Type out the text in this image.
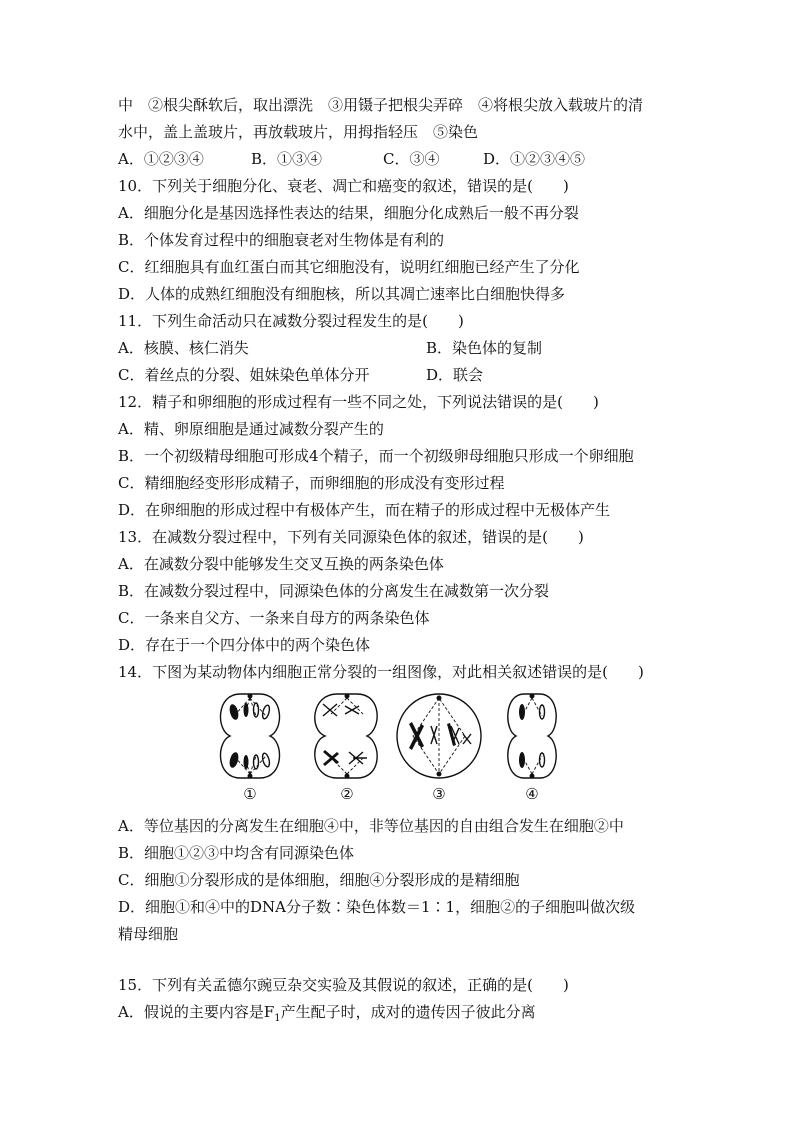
中　②根尖酥软后，取出漂洗　③用镊子把根尖弄碎　④将根尖放入载玻片的清
水中，盖上盖玻片，再放载玻片，用拇指轻压　⑤染色
A．①②③④	B．①③④	C．③④	D．①②③④⑤
10．下列关于细胞分化、衰老、凋亡和癌变的叙述，错误的是(　　)
A．细胞分化是基因选择性表达的结果，细胞分化成熟后一般不再分裂
B．个体发育过程中的细胞衰老对生物体是有利的
C．红细胞具有血红蛋白而其它细胞没有，说明红细胞已经产生了分化
D．人体的成熟红细胞没有细胞核，所以其凋亡速率比白细胞快得多
11．下列生命活动只在减数分裂过程发生的是(　　)
A．核膜、核仁消失	B．染色体的复制
C．着丝点的分裂、姐妹染色单体分开	D．联会
12．精子和卵细胞的形成过程有一些不同之处，下列说法错误的是(　　)
A．精、卵原细胞是通过减数分裂产生的
B．一个初级精母细胞可形成4个精子，而一个初级卵母细胞只形成一个卵细胞
C．精细胞经变形形成精子，而卵细胞的形成没有变形过程
D．在卵细胞的形成过程中有极体产生，而在精子的形成过程中无极体产生
13．在减数分裂过程中，下列有关同源染色体的叙述，错误的是(　　)
A．在减数分裂中能够发生交叉互换的两条染色体
B．在减数分裂过程中，同源染色体的分离发生在减数第一次分裂
C．一条来自父方、一条来自母方的两条染色体
D．存在于一个四分体中的两个染色体
14．下图为某动物体内细胞正常分裂的一组图像，对此相关叙述错误的是(　　)
①	②	③	④
A．等位基因的分离发生在细胞④中，非等位基因的自由组合发生在细胞②中
B．细胞①②③中均含有同源染色体
C．细胞①分裂形成的是体细胞，细胞④分裂形成的是精细胞
D．细胞①和④中的DNA分子数∶染色体数＝1∶1，细胞②的子细胞叫做次级
精母细胞
15．下列有关孟德尔豌豆杂交实验及其假说的叙述，正确的是(　　)
A．假说的主要内容是$F_1$产生配子时，成对的遗传因子彼此分离
